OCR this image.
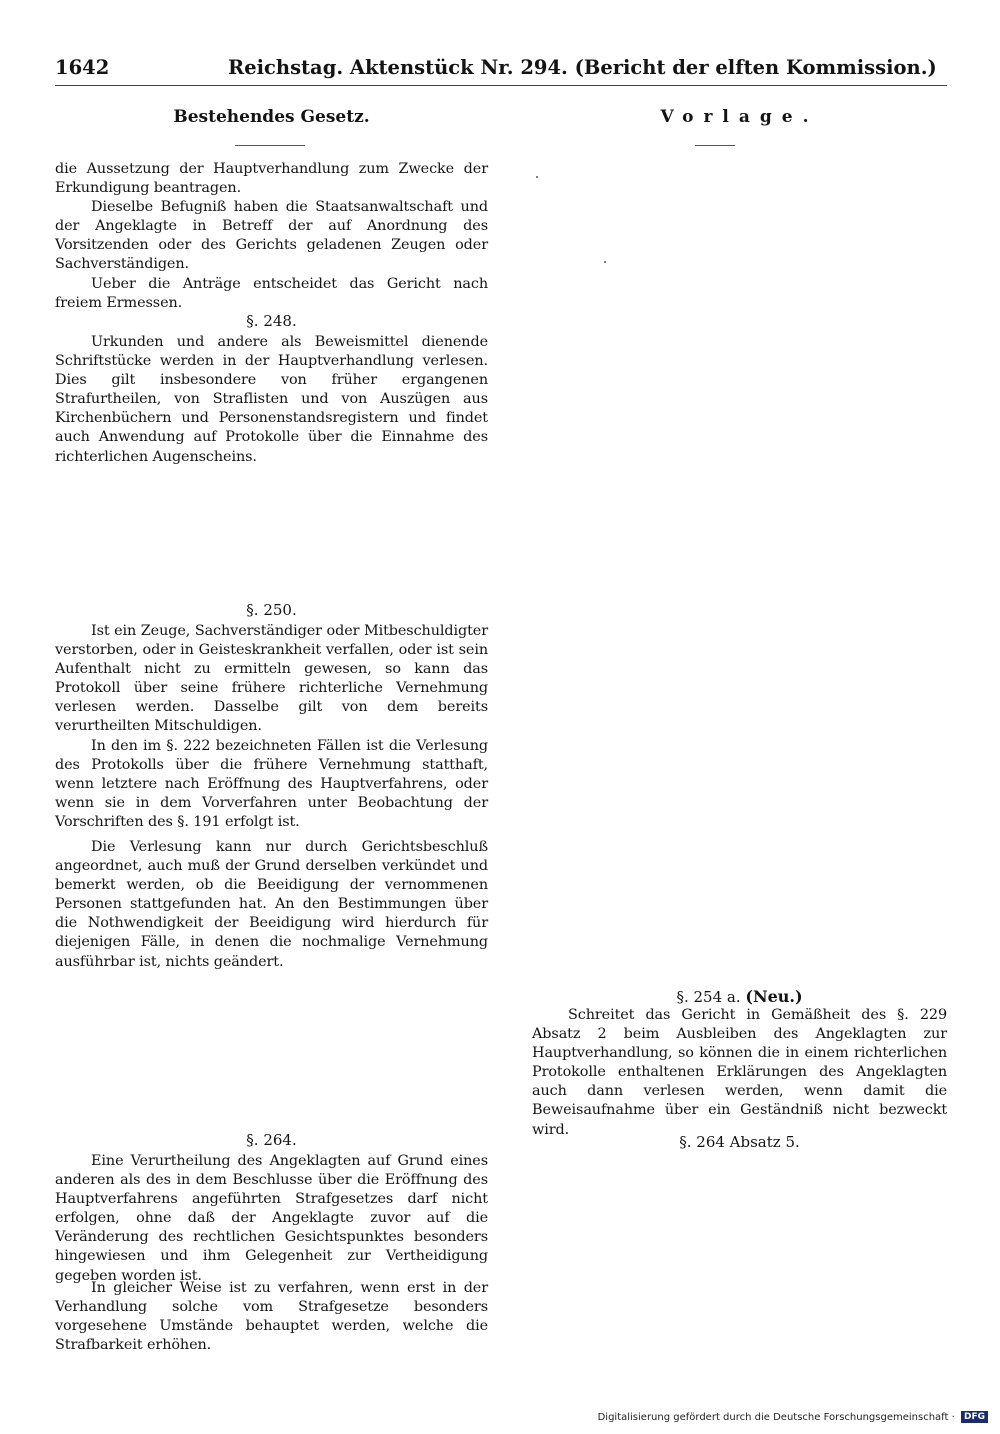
1642	Reichstag. Aktenstück Nr. 294. (Bericht der elften Kommission.)
Bestehendes Gesetz.	Vorlage.

die Aussetzung der Hauptverhandlung zum Zwecke der Erkundigung beantragen.

Dieselbe Befugniß haben die Staatsanwaltschaft und der Angeklagte in Betreff der auf Anordnung des Vorsitzenden oder des Gerichts geladenen Zeugen oder Sachverständigen.

Ueber die Anträge entscheidet das Gericht nach freiem Ermessen.

§. 248.

Urkunden und andere als Beweismittel dienende Schriftstücke werden in der Hauptverhandlung verlesen. Dies gilt insbesondere von früher ergangenen Strafurtheilen, von Straflisten und von Auszügen aus Kirchenbüchern und Personenstandsregistern und findet auch Anwendung auf Protokolle über die Einnahme des richterlichen Augenscheins.

§. 250.

Ist ein Zeuge, Sachverständiger oder Mitbeschuldigter verstorben, oder in Geisteskrankheit verfallen, oder ist sein Aufenthalt nicht zu ermitteln gewesen, so kann das Protokoll über seine frühere richterliche Vernehmung verlesen werden. Dasselbe gilt von dem bereits verurtheilten Mitschuldigen.

In den im §. 222 bezeichneten Fällen ist die Verlesung des Protokolls über die frühere Vernehmung statthaft, wenn letztere nach Eröffnung des Hauptverfahrens, oder wenn sie in dem Vorverfahren unter Beobachtung der Vorschriften des §. 191 erfolgt ist.

Die Verlesung kann nur durch Gerichtsbeschluß angeordnet, auch muß der Grund derselben verkündet und bemerkt werden, ob die Beeidigung der vernommenen Personen stattgefunden hat. An den Bestimmungen über die Nothwendigkeit der Beeidigung wird hierdurch für diejenigen Fälle, in denen die nochmalige Vernehmung ausführbar ist, nichts geändert.

§. 264.

Eine Verurtheilung des Angeklagten auf Grund eines anderen als des in dem Beschlusse über die Eröffnung des Hauptverfahrens angeführten Strafgesetzes darf nicht erfolgen, ohne daß der Angeklagte zuvor auf die Veränderung des rechtlichen Gesichtspunktes besonders hingewiesen und ihm Gelegenheit zur Vertheidigung gegeben worden ist.

In gleicher Weise ist zu verfahren, wenn erst in der Verhandlung solche vom Strafgesetze besonders vorgesehene Umstände behauptet werden, welche die Strafbarkeit erhöhen.

§. 254 a. (Neu.)

Schreitet das Gericht in Gemäßheit des §. 229 Absatz 2 beim Ausbleiben des Angeklagten zur Hauptverhandlung, so können die in einem richterlichen Protokolle enthaltenen Erklärungen des Angeklagten auch dann verlesen werden, wenn damit die Beweisaufnahme über ein Geständniß nicht bezweckt wird.

§. 264 Absatz 5.
Digitalisierung gefördert durch die Deutsche Forschungsgemeinschaft · DFG
